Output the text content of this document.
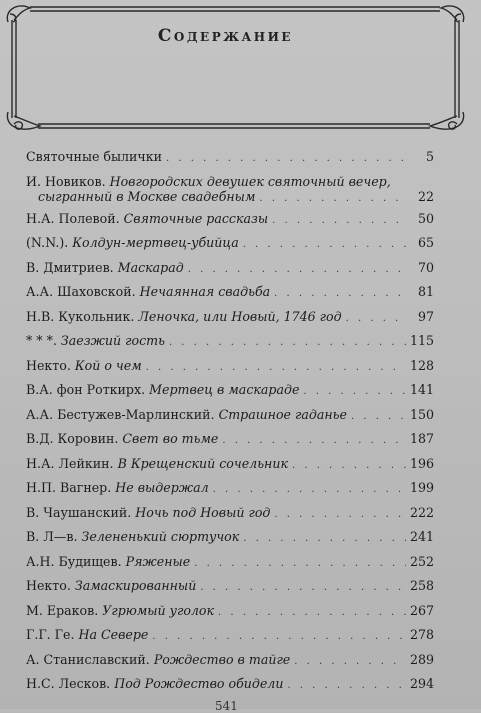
Содержание
Святочные былички . . .	5
И. Новиков. Новгородских девушек святочный вечер,
сыгранный в Москве свадебным . . .	22
Н.А. Полевой. Святочные рассказы . . .	50
(N.N.). Колдун-мертвец-убийца . . .	65
В. Дмитриев. Маскарад . . .	70
А.А. Шаховской. Нечаянная свадьба . . .	81
Н.В. Кукольник. Леночка, или Новый, 1746 год . . .	97
* * *. Заезжий гость . . .	115
Некто. Кой о чем . . .	128
В.А. фон Роткирх. Мертвец в маскараде . . .	141
А.А. Бестужев-Марлинский. Страшное гаданье . . .	150
В.Д. Коровин. Свет во тьме . . .	187
Н.А. Лейкин. В Крещенский сочельник . . .	196
Н.П. Вагнер. Не выдержал . . .	199
В. Чаушанский. Ночь под Новый год . . .	222
В. Л—в. Зелененький сюртучок . . .	241
А.Н. Будищев. Ряженые . . .	252
Некто. Замаскированный . . .	258
М. Ераков. Угрюмый уголок . . .	267
Г.Г. Ге. На Севере . . .	278
А. Станиславский. Рождество в тайге . . .	289
Н.С. Лесков. Под Рождество обидели . . .	294
541
